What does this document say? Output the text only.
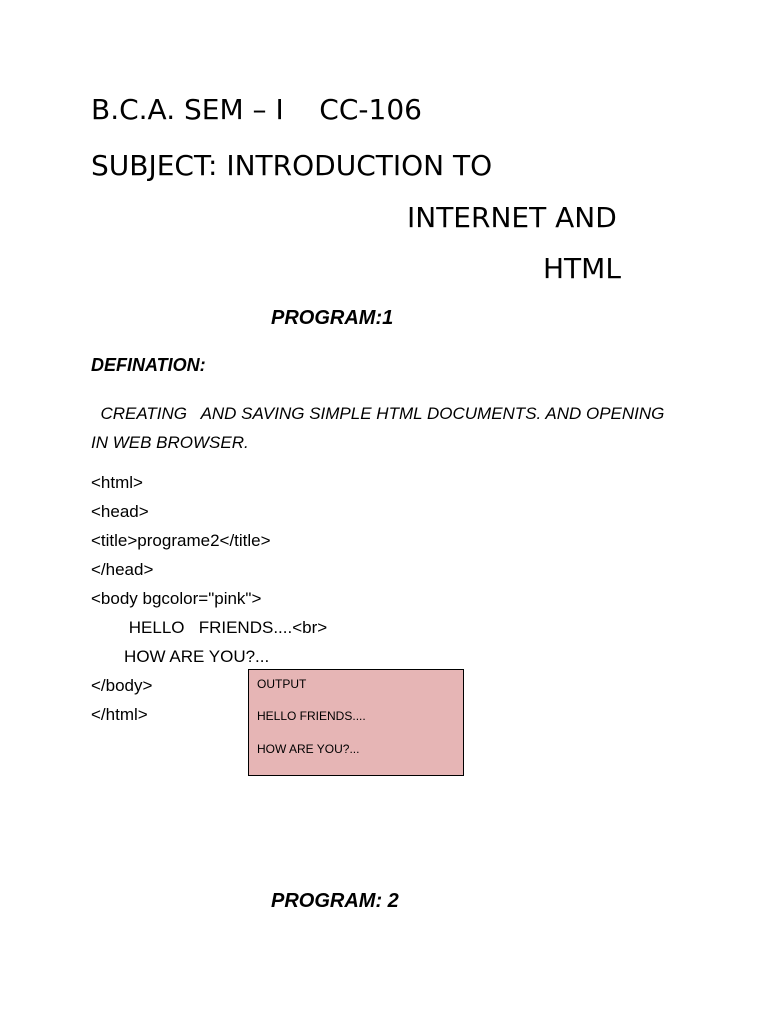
B.C.A. SEM – I    CC-106

SUBJECT: INTRODUCTION TO

INTERNET AND

HTML

PROGRAM:1

DEFINATION:

CREATING   AND SAVING SIMPLE HTML DOCUMENTS. AND OPENING IN WEB BROWSER.

<html>
<head>
<title>programe2</title>
</head>
<body bgcolor="pink">
HELLO   FRIENDS....<br>
HOW ARE YOU?...
</body>
</html>
OUTPUT
HELLO FRIENDS....
HOW ARE YOU?...

PROGRAM: 2
